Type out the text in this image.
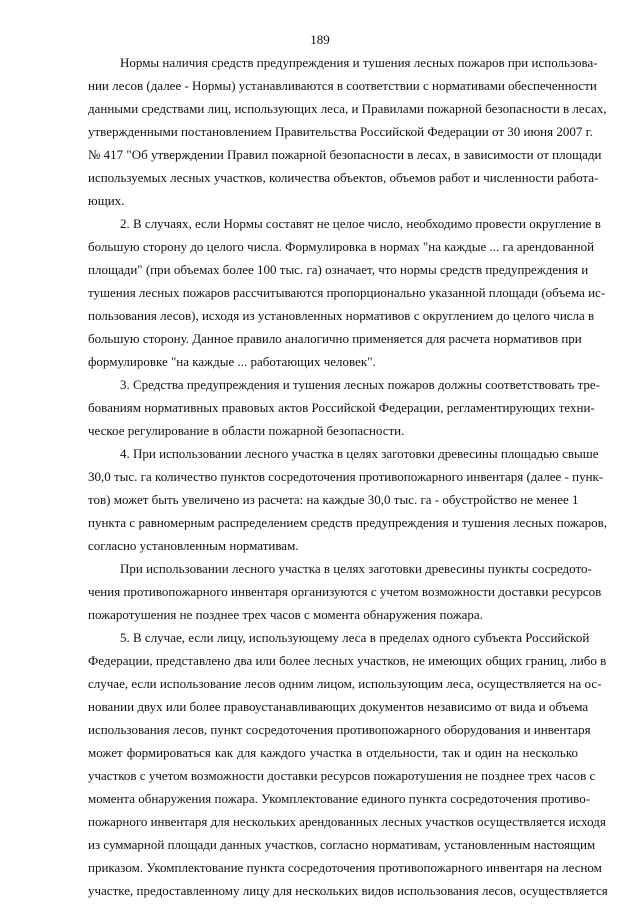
189

Нормы наличия средств предупреждения и тушения лесных пожаров при использова-
нии лесов (далее - Нормы) устанавливаются в соответствии с нормативами обеспеченности
данными средствами лиц, использующих леса, и Правилами пожарной безопасности в лесах,
утвержденными постановлением Правительства Российской Федерации от 30 июня 2007 г.
№ 417 "Об утверждении Правил пожарной безопасности в лесах, в зависимости от площади
используемых лесных участков, количества объектов, объемов работ и численности работа-
ющих.

2. В случаях, если Нормы составят не целое число, необходимо провести округление в
большую сторону до целого числа. Формулировка в нормах "на каждые ... га арендованной
площади" (при объемах более 100 тыс. га) означает, что нормы средств предупреждения и
тушения лесных пожаров рассчитываются пропорционально указанной площади (объема ис-
пользования лесов), исходя из установленных нормативов с округлением до целого числа в
большую сторону. Данное правило аналогично применяется для расчета нормативов при
формулировке "на каждые ... работающих человек".

3. Средства предупреждения и тушения лесных пожаров должны соответствовать тре-
бованиям нормативных правовых актов Российской Федерации, регламентирующих техни-
ческое регулирование в области пожарной безопасности.

4. При использовании лесного участка в целях заготовки древесины площадью свыше
30,0 тыс. га количество пунктов сосредоточения противопожарного инвентаря (далее - пунк-
тов) может быть увеличено из расчета: на каждые 30,0 тыс. га - обустройство не менее 1
пункта с равномерным распределением средств предупреждения и тушения лесных пожаров,
согласно установленным нормативам.

При использовании лесного участка в целях заготовки древесины пункты сосредото-
чения противопожарного инвентаря организуются с учетом возможности доставки ресурсов
пожаротушения не позднее трех часов с момента обнаружения пожара.

5. В случае, если лицу, использующему леса в пределах одного субъекта Российской
Федерации, представлено два или более лесных участков, не имеющих общих границ, либо в
случае, если использование лесов одним лицом, использующим леса, осуществляется на ос-
новании двух или более правоустанавливающих документов независимо от вида и объема
использования лесов, пункт сосредоточения противопожарного оборудования и инвентаря
может формироваться как для каждого участка в отдельности, так и один на несколько
участков с учетом возможности доставки ресурсов пожаротушения не позднее трех часов с
момента обнаружения пожара. Укомплектование единого пункта сосредоточения противо-
пожарного инвентаря для нескольких арендованных лесных участков осуществляется исходя
из суммарной площади данных участков, согласно нормативам, установленным настоящим
приказом. Укомплектование пункта сосредоточения противопожарного инвентаря на лесном
участке, предоставленному лицу для нескольких видов использования лесов, осуществляется
